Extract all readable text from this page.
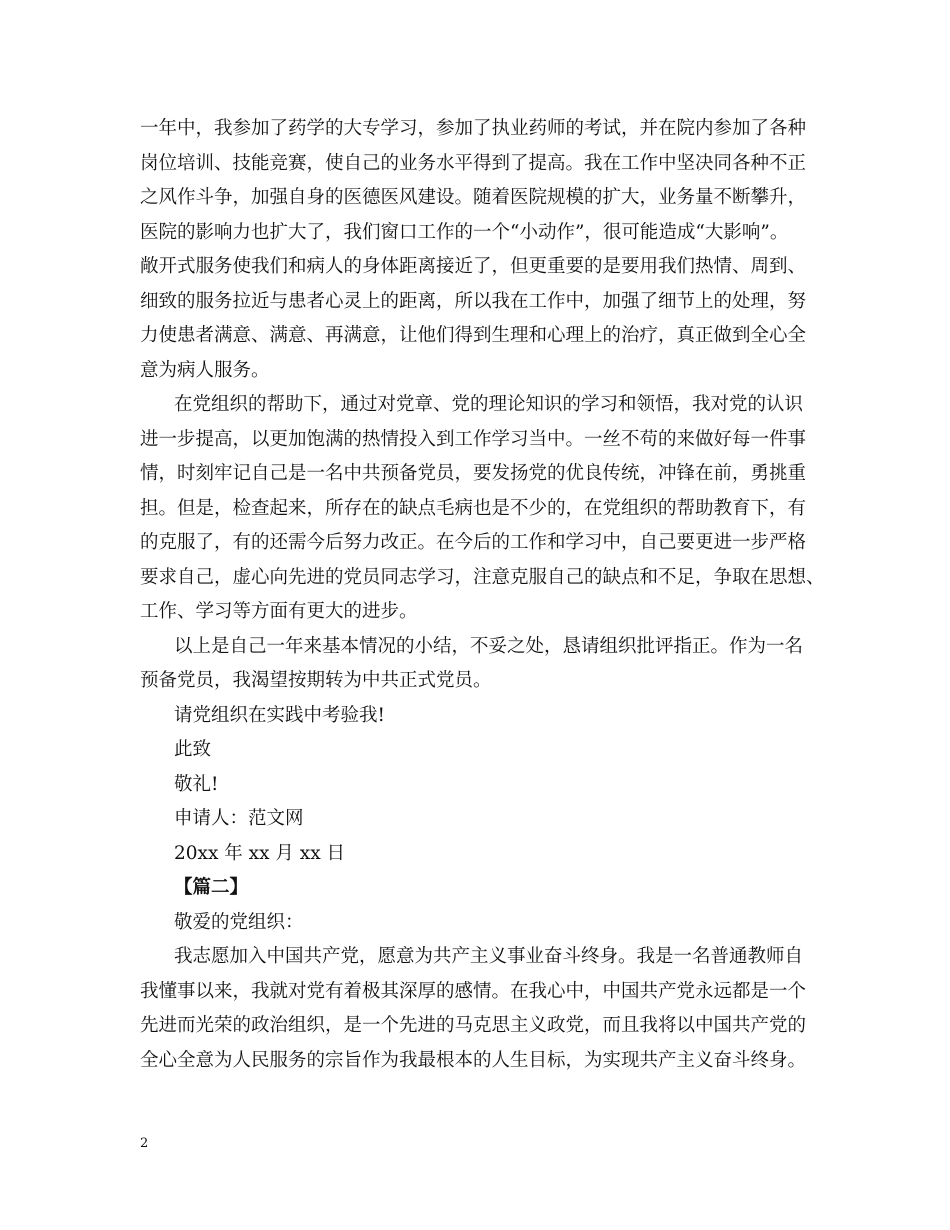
一年中，我参加了药学的大专学习，参加了执业药师的考试，并在院内参加了各种
岗位培训、技能竞赛，使自己的业务水平得到了提高。我在工作中坚决同各种不正
之风作斗争，加强自身的医德医风建设。随着医院规模的扩大，业务量不断攀升，
医院的影响力也扩大了，我们窗口工作的一个“小动作”，很可能造成“大影响”。
敞开式服务使我们和病人的身体距离接近了，但更重要的是要用我们热情、周到、
细致的服务拉近与患者心灵上的距离，所以我在工作中，加强了细节上的处理，努
力使患者满意、满意、再满意，让他们得到生理和心理上的治疗，真正做到全心全
意为病人服务。
在党组织的帮助下，通过对党章、党的理论知识的学习和领悟，我对党的认识
进一步提高，以更加饱满的热情投入到工作学习当中。一丝不苟的来做好每一件事
情，时刻牢记自己是一名中共预备党员，要发扬党的优良传统，冲锋在前，勇挑重
担。但是，检查起来，所存在的缺点毛病也是不少的，在党组织的帮助教育下，有
的克服了，有的还需今后努力改正。在今后的工作和学习中，自己要更进一步严格
要求自己，虚心向先进的党员同志学习，注意克服自己的缺点和不足，争取在思想、
工作、学习等方面有更大的进步。
以上是自己一年来基本情况的小结，不妥之处，恳请组织批评指正。作为一名
预备党员，我渴望按期转为中共正式党员。
请党组织在实践中考验我!
此致
敬礼!
申请人：范文网
20xx 年 xx 月 xx 日
【篇二】
敬爱的党组织：
我志愿加入中国共产党，愿意为共产主义事业奋斗终身。我是一名普通教师自
我懂事以来，我就对党有着极其深厚的感情。在我心中，中国共产党永远都是一个
先进而光荣的政治组织，是一个先进的马克思主义政党，而且我将以中国共产党的
全心全意为人民服务的宗旨作为我最根本的人生目标，为实现共产主义奋斗终身。
2
